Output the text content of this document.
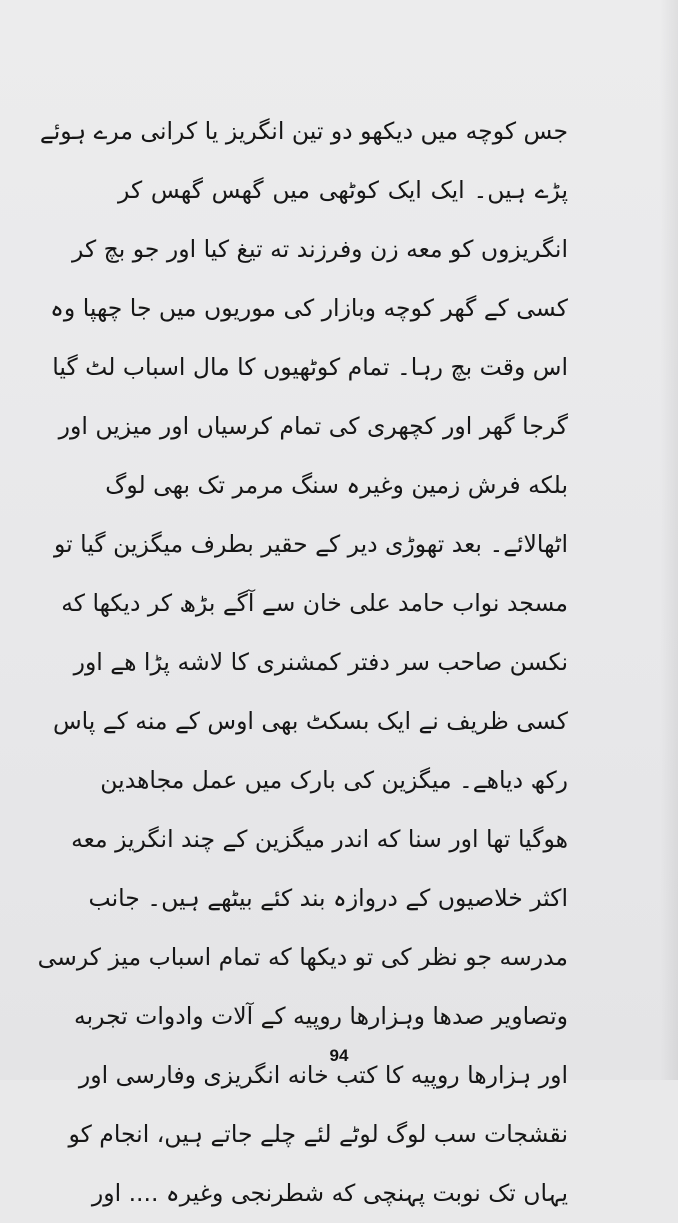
جس کوچه میں دیکھو دو تین انگریز یا کرانی مرے ہوئے
پڑے ہیں۔ ایک ایک کوٹھی میں گھس گھس کر
انگریزوں کو معه زن وفرزند ته تیغ کیا اور جو بچ کر
کسی کے گھر کوچه وبازار کی موریوں میں جا چھپا وہ
اس وقت بچ رہا۔ تمام کوٹھیوں کا مال اسباب لٹ گیا
گرجا گھر اور کچھری کی تمام کرسیاں اور میزیں اور
بلکه فرش زمین وغیرہ سنگ مرمر تک بھی لوگ
اٹھالائے۔ بعد تھوڑی دیر کے حقیر بطرف میگزین گیا تو
مسجد نواب حامد علی خان سے آگے بڑھ کر دیکھا که
نکسن صاحب سر دفتر کمشنری کا لاشه پڑا ھے اور
کسی ظریف نے ایک بسکٹ بھی اوس کے منه کے پاس
رکھ دیاھے۔ میگزین کی بارک میں عمل مجاھدین
ھوگیا تھا اور سنا که اندر میگزین کے چند انگریز معه
اکثر خلاصیوں کے دروازہ بند کئے بیٹھے ہیں۔ جانب
مدرسه جو نظر کی تو دیکھا که تمام اسباب میز کرسی
وتصاویر صدھا وہزارھا روپیه کے آلات وادوات تجربه
اور ہزارھا روپیه کا کتب خانه انگریزی وفارسی اور
نقشجات سب لوگ لوٹے لئے چلے جاتے ہیں، انجام کو
یہاں تک نوبت پہنچی که شطرنجی وغیرہ .... اور
94
